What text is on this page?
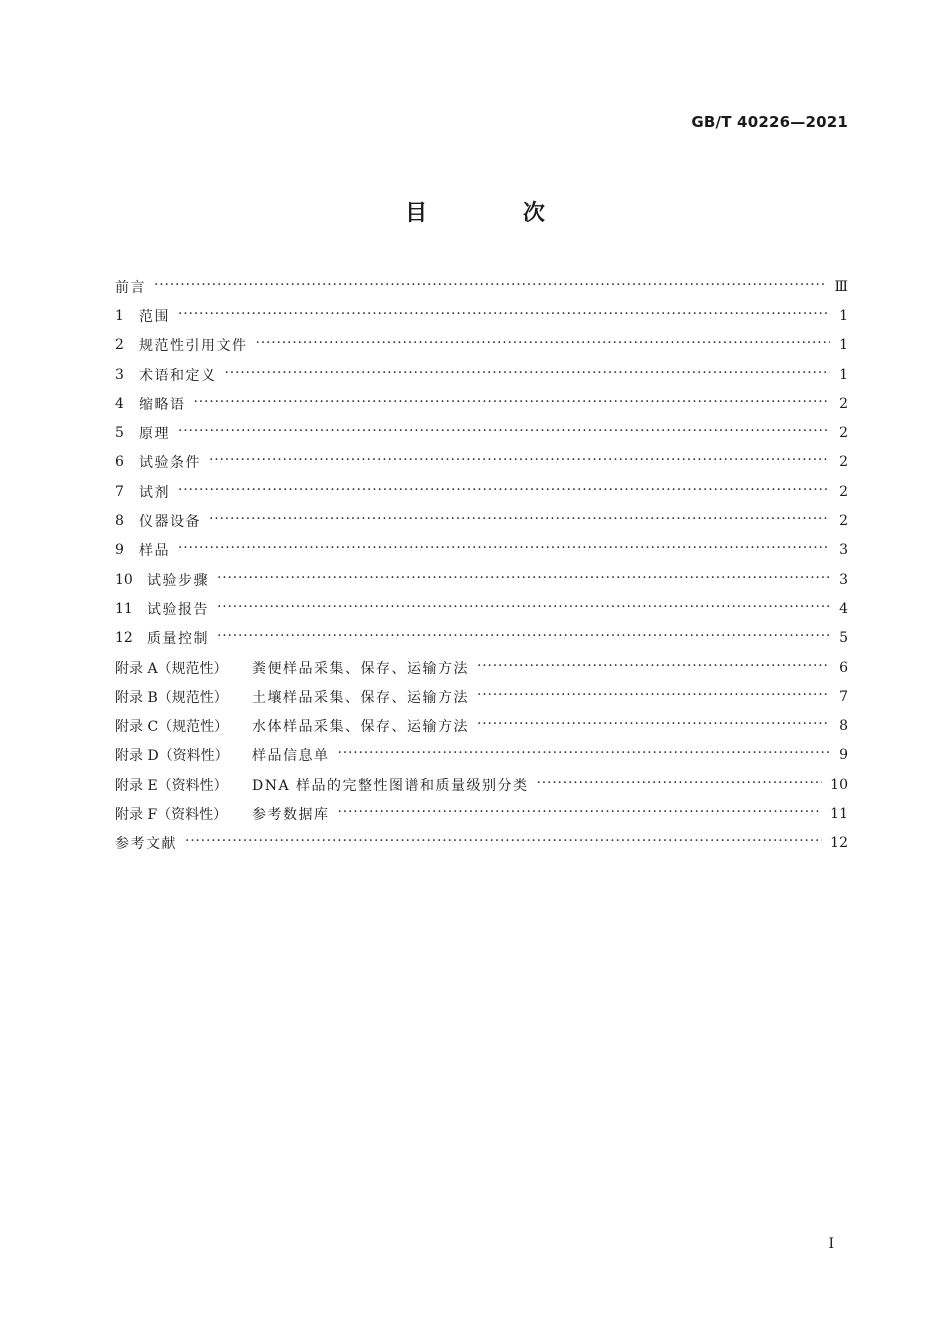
GB/T 40226—2021
目 次
前言 ·····	Ⅲ
1	范围 ·····	1
2	规范性引用文件 ·····	1
3	术语和定义 ·····	1
4	缩略语 ·····	2
5	原理 ·····	2
6	试验条件 ·····	2
7	试剂 ·····	2
8	仪器设备 ·····	2
9	样品 ·····	3
10	试验步骤 ·····	3
11	试验报告 ·····	4
12	质量控制 ·····	5
附录 A（规范性）	粪便样品采集、保存、运输方法 ·····	6
附录 B（规范性）	土壤样品采集、保存、运输方法 ·····	7
附录 C（规范性）	水体样品采集、保存、运输方法 ·····	8
附录 D（资料性）	样品信息单 ·····	9
附录 E（资料性）	DNA 样品的完整性图谱和质量级别分类 ·····	10
附录 F（资料性）	参考数据库 ·····	11
参考文献 ·····	12
I
